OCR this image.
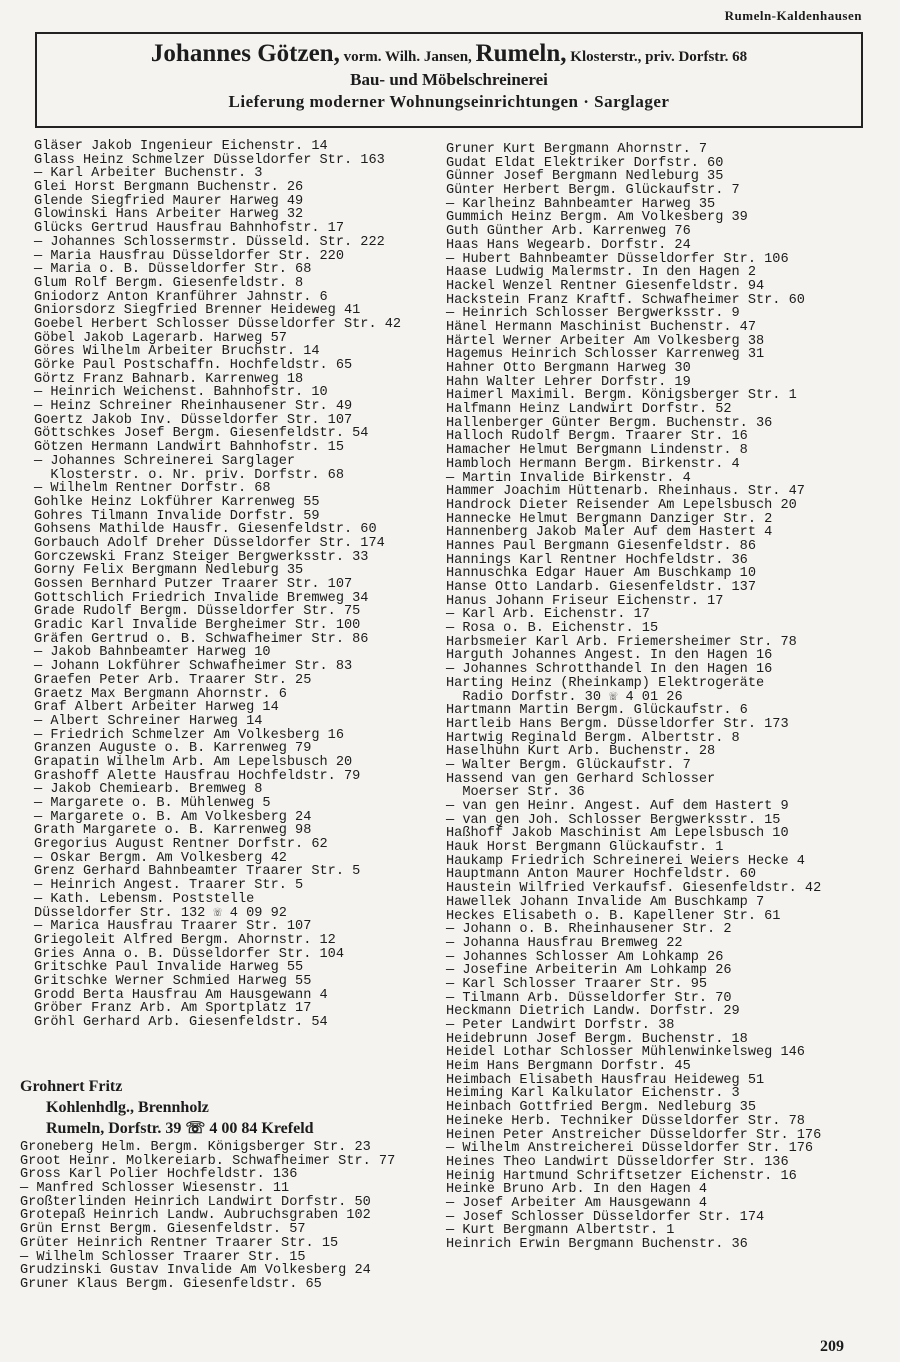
Rumeln-Kaldenhausen
Johannes Götzen, vorm. Wilh. Jansen, Rumeln, Klosterstr., priv. Dorfstr. 68
Bau- und Möbelschreinerei
Lieferung moderner Wohnungseinrichtungen · Sarglager
Gläser Jakob Ingenieur Eichenstr. 14
Glass Heinz Schmelzer Düsseldorfer Str. 163
— Karl Arbeiter Buchenstr. 3
Glei Horst Bergmann Buchenstr. 26
Glende Siegfried Maurer Harweg 49
Glowinski Hans Arbeiter Harweg 32
Glücks Gertrud Hausfrau Bahnhofstr. 17
— Johannes Schlossermstr. Düsseld. Str. 222
— Maria Hausfrau Düsseldorfer Str. 220
— Maria o. B. Düsseldorfer Str. 68
Glum Rolf Bergm. Giesenfeldstr. 8
Gniodorz Anton Kranführer Jahnstr. 6
Gniorsdorz Siegfried Brenner Heideweg 41
Goebel Herbert Schlosser Düsseldorfer Str. 42
Göbel Jakob Lagerarb. Harweg 57
Göres Wilhelm Arbeiter Bruchstr. 14
Görke Paul Postschaffn. Hochfeldstr. 65
Görtz Franz Bahnarb. Karrenweg 18
— Heinrich Weichenst. Bahnhofstr. 10
— Heinz Schreiner Rheinhausener Str. 49
Goertz Jakob Inv. Düsseldorfer Str. 107
Göttschkes Josef Bergm. Giesenfeldstr. 54
Götzen Hermann Landwirt Bahnhofstr. 15
— Johannes Schreinerei Sarglager
Klosterstr. o. Nr. priv. Dorfstr. 68
— Wilhelm Rentner Dorfstr. 68
Gohlke Heinz Lokführer Karrenweg 55
Gohres Tilmann Invalide Dorfstr. 59
Gohsens Mathilde Hausfr. Giesenfeldstr. 60
Gorbauch Adolf Dreher Düsseldorfer Str. 174
Gorczewski Franz Steiger Bergwerksstr. 33
Gorny Felix Bergmann Nedleburg 35
Gossen Bernhard Putzer Traarer Str. 107
Gottschlich Friedrich Invalide Bremweg 34
Grade Rudolf Bergm. Düsseldorfer Str. 75
Gradic Karl Invalide Bergheimer Str. 100
Gräfen Gertrud o. B. Schwafheimer Str. 86
— Jakob Bahnbeamter Harweg 10
— Johann Lokführer Schwafheimer Str. 83
Graefen Peter Arb. Traarer Str. 25
Graetz Max Bergmann Ahornstr. 6
Graf Albert Arbeiter Harweg 14
— Albert Schreiner Harweg 14
— Friedrich Schmelzer Am Volkesberg 16
Granzen Auguste o. B. Karrenweg 79
Grapatin Wilhelm Arb. Am Lepelsbusch 20
Grashoff Alette Hausfrau Hochfeldstr. 79
— Jakob Chemiearb. Bremweg 8
— Margarete o. B. Mühlenweg 5
— Margarete o. B. Am Volkesberg 24
Grath Margarete o. B. Karrenweg 98
Gregorius August Rentner Dorfstr. 62
— Oskar Bergm. Am Volkesberg 42
Grenz Gerhard Bahnbeamter Traarer Str. 5
— Heinrich Angest. Traarer Str. 5
— Kath. Lebensm. Poststelle
Düsseldorfer Str. 132 ☏ 4 09 92
— Marica Hausfrau Traarer Str. 107
Griegoleit Alfred Bergm. Ahornstr. 12
Gries Anna o. B. Düsseldorfer Str. 104
Gritschke Paul Invalide Harweg 55
Gritschke Werner Schmied Harweg 55
Grodd Berta Hausfrau Am Hausgewann 4
Gröber Franz Arb. Am Sportplatz 17
Gröhl Gerhard Arb. Giesenfeldstr. 54
Grohnert Fritz
Kohlenhdlg., Brennholz
Rumeln, Dorfstr. 39 ☏ 4 00 84 Krefeld
Groneberg Helm. Bergm. Königsberger Str. 23
Groot Heinr. Molkereiarb. Schwafheimer Str. 77
Gross Karl Polier Hochfeldstr. 136
— Manfred Schlosser Wiesenstr. 11
Großterlinden Heinrich Landwirt Dorfstr. 50
Grotepaß Heinrich Landw. Aubruchsgraben 102
Grün Ernst Bergm. Giesenfeldstr. 57
Grüter Heinrich Rentner Traarer Str. 15
— Wilhelm Schlosser Traarer Str. 15
Grudzinski Gustav Invalide Am Volkesberg 24
Gruner Klaus Bergm. Giesenfeldstr. 65
Gruner Kurt Bergmann Ahornstr. 7
Gudat Eldat Elektriker Dorfstr. 60
Günner Josef Bergmann Nedleburg 35
Günter Herbert Bergm. Glückaufstr. 7
— Karlheinz Bahnbeamter Harweg 35
Gummich Heinz Bergm. Am Volkesberg 39
Guth Günther Arb. Karrenweg 76
Haas Hans Wegearb. Dorfstr. 24
— Hubert Bahnbeamter Düsseldorfer Str. 106
Haase Ludwig Malermstr. In den Hagen 2
Hackel Wenzel Rentner Giesenfeldstr. 94
Hackstein Franz Kraftf. Schwafheimer Str. 60
— Heinrich Schlosser Bergwerksstr. 9
Hänel Hermann Maschinist Buchenstr. 47
Härtel Werner Arbeiter Am Volkesberg 38
Hagemus Heinrich Schlosser Karrenweg 31
Hahner Otto Bergmann Harweg 30
Hahn Walter Lehrer Dorfstr. 19
Haimerl Maximil. Bergm. Königsberger Str. 1
Halfmann Heinz Landwirt Dorfstr. 52
Hallenberger Günter Bergm. Buchenstr. 36
Halloch Rudolf Bergm. Traarer Str. 16
Hamacher Helmut Bergmann Lindenstr. 8
Hambloch Hermann Bergm. Birkenstr. 4
— Martin Invalide Birkenstr. 4
Hammer Joachim Hüttenarb. Rheinhaus. Str. 47
Handrock Dieter Reisender Am Lepelsbusch 20
Hannecke Helmut Bergmann Danziger Str. 2
Hannenberg Jakob Maler Auf dem Hastert 4
Hannes Paul Bergmann Giesenfeldstr. 86
Hannings Karl Rentner Hochfeldstr. 36
Hannuschka Edgar Hauer Am Buschkamp 10
Hanse Otto Landarb. Giesenfeldstr. 137
Hanus Johann Friseur Eichenstr. 17
— Karl Arb. Eichenstr. 17
— Rosa o. B. Eichenstr. 15
Harbsmeier Karl Arb. Friemersheimer Str. 78
Harguth Johannes Angest. In den Hagen 16
— Johannes Schrotthandel In den Hagen 16
Harting Heinz (Rheinkamp) Elektrogeräte
Radio Dorfstr. 30 ☏ 4 01 26
Hartmann Martin Bergm. Glückaufstr. 6
Hartleib Hans Bergm. Düsseldorfer Str. 173
Hartwig Reginald Bergm. Albertstr. 8
Haselhuhn Kurt Arb. Buchenstr. 28
— Walter Bergm. Glückaufstr. 7
Hassend van gen Gerhard Schlosser
Moerser Str. 36
— van gen Heinr. Angest. Auf dem Hastert 9
— van gen Joh. Schlosser Bergwerksstr. 15
Haßhoff Jakob Maschinist Am Lepelsbusch 10
Hauk Horst Bergmann Glückaufstr. 1
Haukamp Friedrich Schreinerei Weiers Hecke 4
Hauptmann Anton Maurer Hochfeldstr. 60
Haustein Wilfried Verkaufsf. Giesenfeldstr. 42
Hawellek Johann Invalide Am Buschkamp 7
Heckes Elisabeth o. B. Kapellener Str. 61
— Johann o. B. Rheinhausener Str. 2
— Johanna Hausfrau Bremweg 22
— Johannes Schlosser Am Lohkamp 26
— Josefine Arbeiterin Am Lohkamp 26
— Karl Schlosser Traarer Str. 95
— Tilmann Arb. Düsseldorfer Str. 70
Heckmann Dietrich Landw. Dorfstr. 29
— Peter Landwirt Dorfstr. 38
Heidebrunn Josef Bergm. Buchenstr. 18
Heidel Lothar Schlosser Mühlenwinkelsweg 146
Heim Hans Bergmann Dorfstr. 45
Heimbach Elisabeth Hausfrau Heideweg 51
Heiming Karl Kalkulator Eichenstr. 3
Heinbach Gottfried Bergm. Nedleburg 35
Heineke Herb. Techniker Düsseldorfer Str. 78
Heinen Peter Anstreicher Düsseldorfer Str. 176
— Wilhelm Anstreicherei Düsseldorfer Str. 176
Heines Theo Landwirt Düsseldorfer Str. 136
Heinig Hartmund Schriftsetzer Eichenstr. 16
Heinke Bruno Arb. In den Hagen 4
— Josef Arbeiter Am Hausgewann 4
— Josef Schlosser Düsseldorfer Str. 174
— Kurt Bergmann Albertstr. 1
Heinrich Erwin Bergmann Buchenstr. 36
209
